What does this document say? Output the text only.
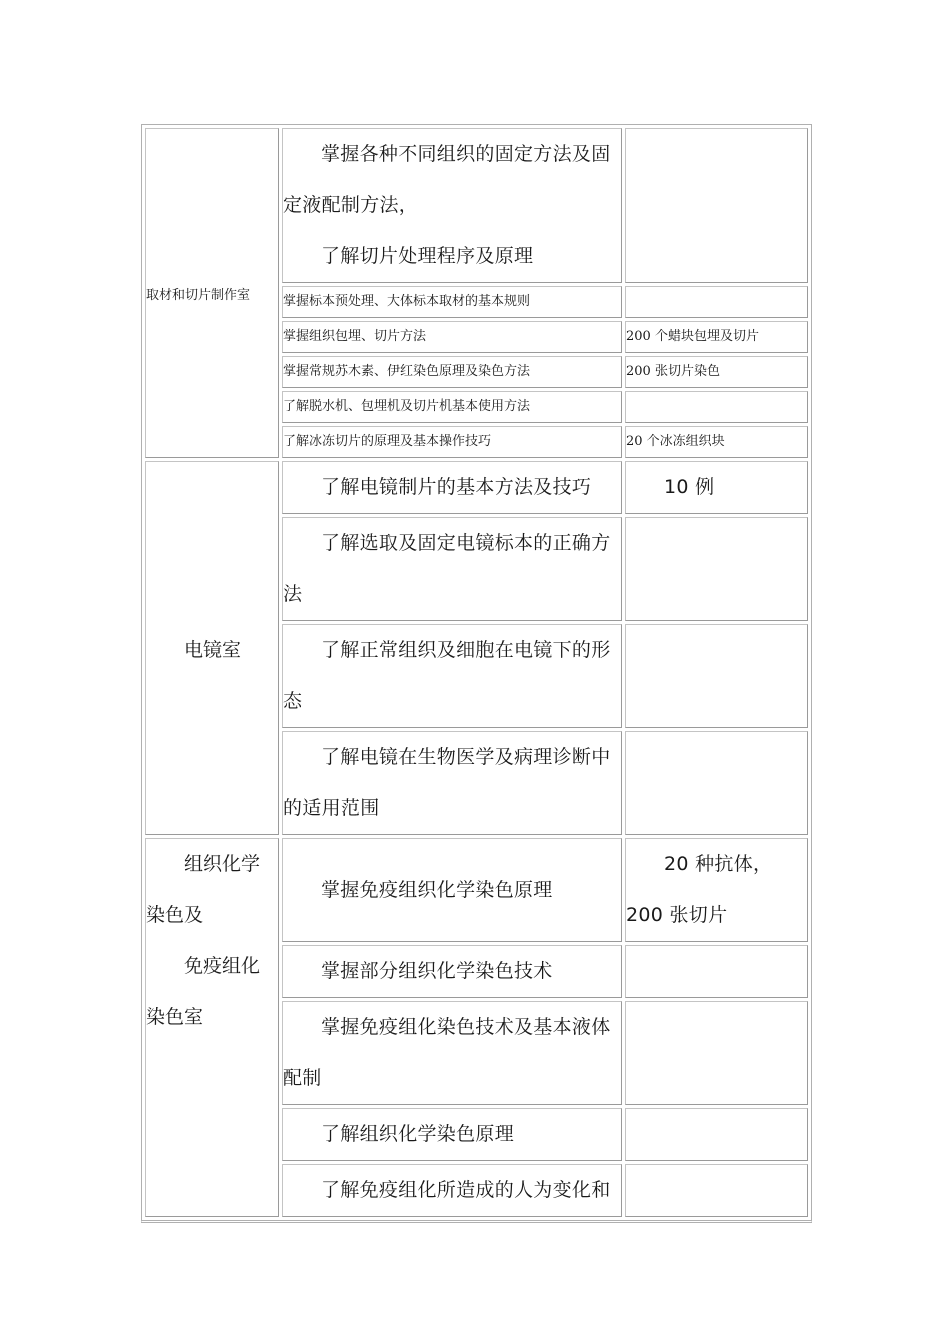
取材和切片制作室	掌握各种不同组织的固定方法及固定液配制方法，
了解切片处理程序及原理	

	掌握标本预处理、大体标本取材的基本规则	
	掌握组织包埋、切片方法	200 个蜡块包埋及切片
	掌握常规苏木素、伊红染色原理及染色方法	200 张切片染色
	了解脱水机、包埋机及切片机基本使用方法	
	了解冰冻切片的原理及基本操作技巧	20 个冰冻组织块

电镜室	了解电镜制片的基本方法及技巧	10 例
	了解选取及固定电镜标本的正确方法	
	了解正常组织及细胞在电镜下的形态	
	了解电镜在生物医学及病理诊断中的适用范围	

组织化学染色及
免疫组化染色室	掌握免疫组织化学染色原理	20 种抗体，200 张切片
	掌握部分组织化学染色技术	
	掌握免疫组化染色技术及基本液体配制	
	了解组织化学染色原理	
	了解免疫组化所造成的人为变化和	
